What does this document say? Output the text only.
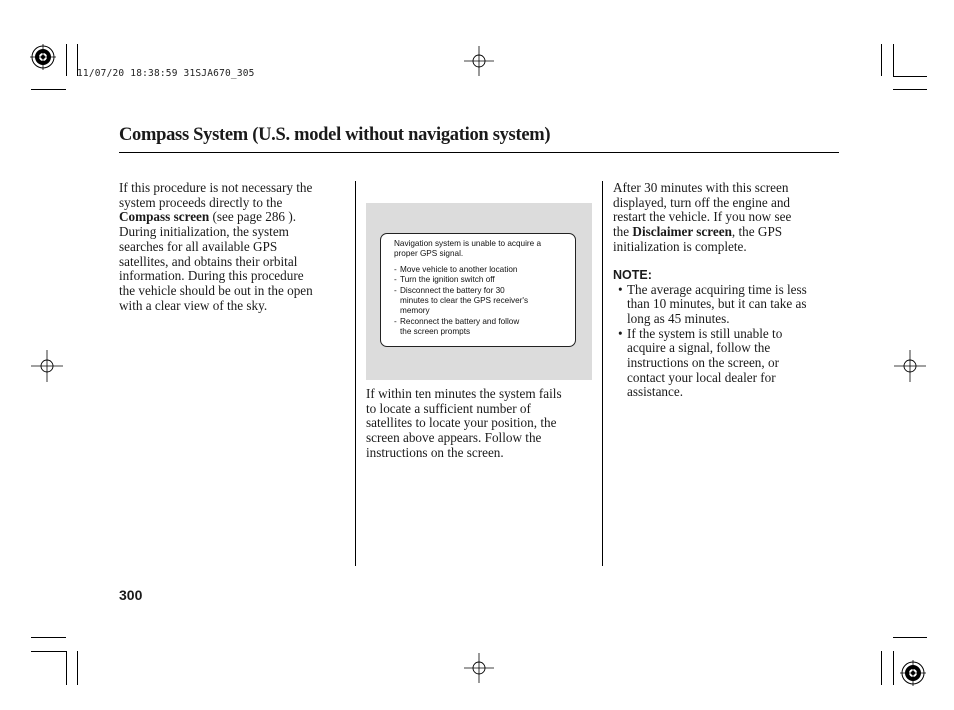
11/07/20 18:38:59 31SJA670_305
Compass System (U.S. model without navigation system)
If this procedure is not necessary the
system proceeds directly to the
Compass screen (see page 286 ).
During initialization, the system
searches for all available GPS
satellites, and obtains their orbital
information. During this procedure
the vehicle should be out in the open
with a clear view of the sky.
Navigation system is unable to acquire a
proper GPS signal.
- Move vehicle to another location
- Turn the ignition switch off
- Disconnect the battery for 30
minutes to clear the GPS receiver's
memory
- Reconnect the battery and follow
the screen prompts
If within ten minutes the system fails
to locate a sufficient number of
satellites to locate your position, the
screen above appears. Follow the
instructions on the screen.
After 30 minutes with this screen
displayed, turn off the engine and
restart the vehicle. If you now see
the Disclaimer screen, the GPS
initialization is complete.
NOTE:
• The average acquiring time is less
than 10 minutes, but it can take as
long as 45 minutes.
• If the system is still unable to
acquire a signal, follow the
instructions on the screen, or
contact your local dealer for
assistance.
300
